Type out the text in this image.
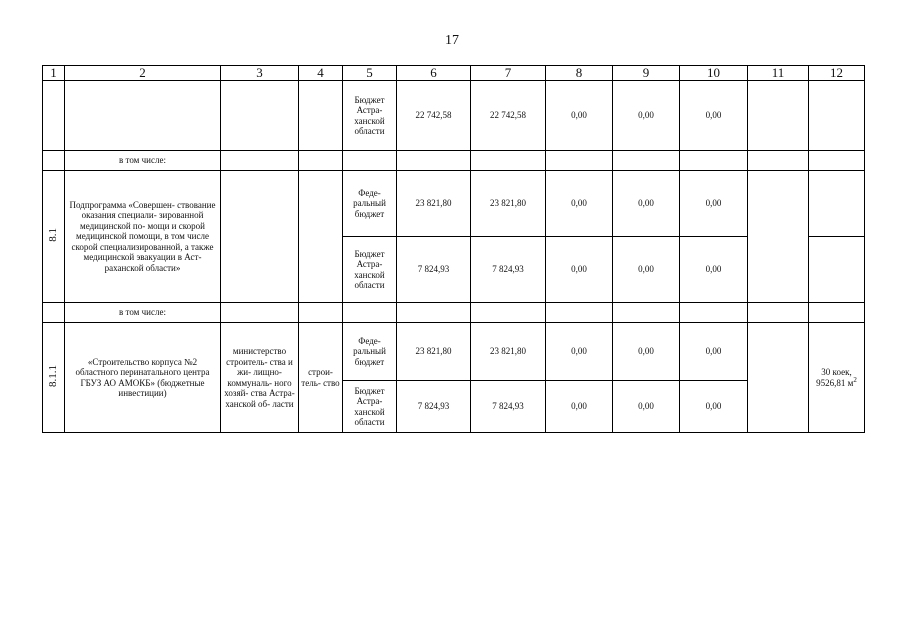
17
1	2	3	4	5	6	7	8	9	10	11	12
				Бюджет Астра- ханской области	22 742,58	22 742,58	0,00	0,00	0,00		
	в том числе:										
8.1	Подпрограмма «Совершен- ствование оказания специали- зированной медицинской по- мощи и скорой медицинской помощи, в том числе скорой специализированной, а также медицинской эвакуации в Аст- раханской области»			Феде- ральный бюджет	23 821,80	23 821,80	0,00	0,00	0,00		
				Бюджет Астра- ханской области	7 824,93	7 824,93	0,00	0,00	0,00		
	в том числе:										
8.1.1	«Строительство корпуса №2 областного перинатального центра ГБУЗ АО АМОКБ» (бюджетные инвестиции)	министерство строитель- ства и жи- лищно- коммуналь- ного хозяй- ства Астра- ханской об- ласти	строи- тель- ство	Феде- ральный бюджет	23 821,80	23 821,80	0,00	0,00	0,00		30 коек, 9526,81 $м^2$
				Бюджет Астра- ханской области	7 824,93	7 824,93	0,00	0,00	0,00		
